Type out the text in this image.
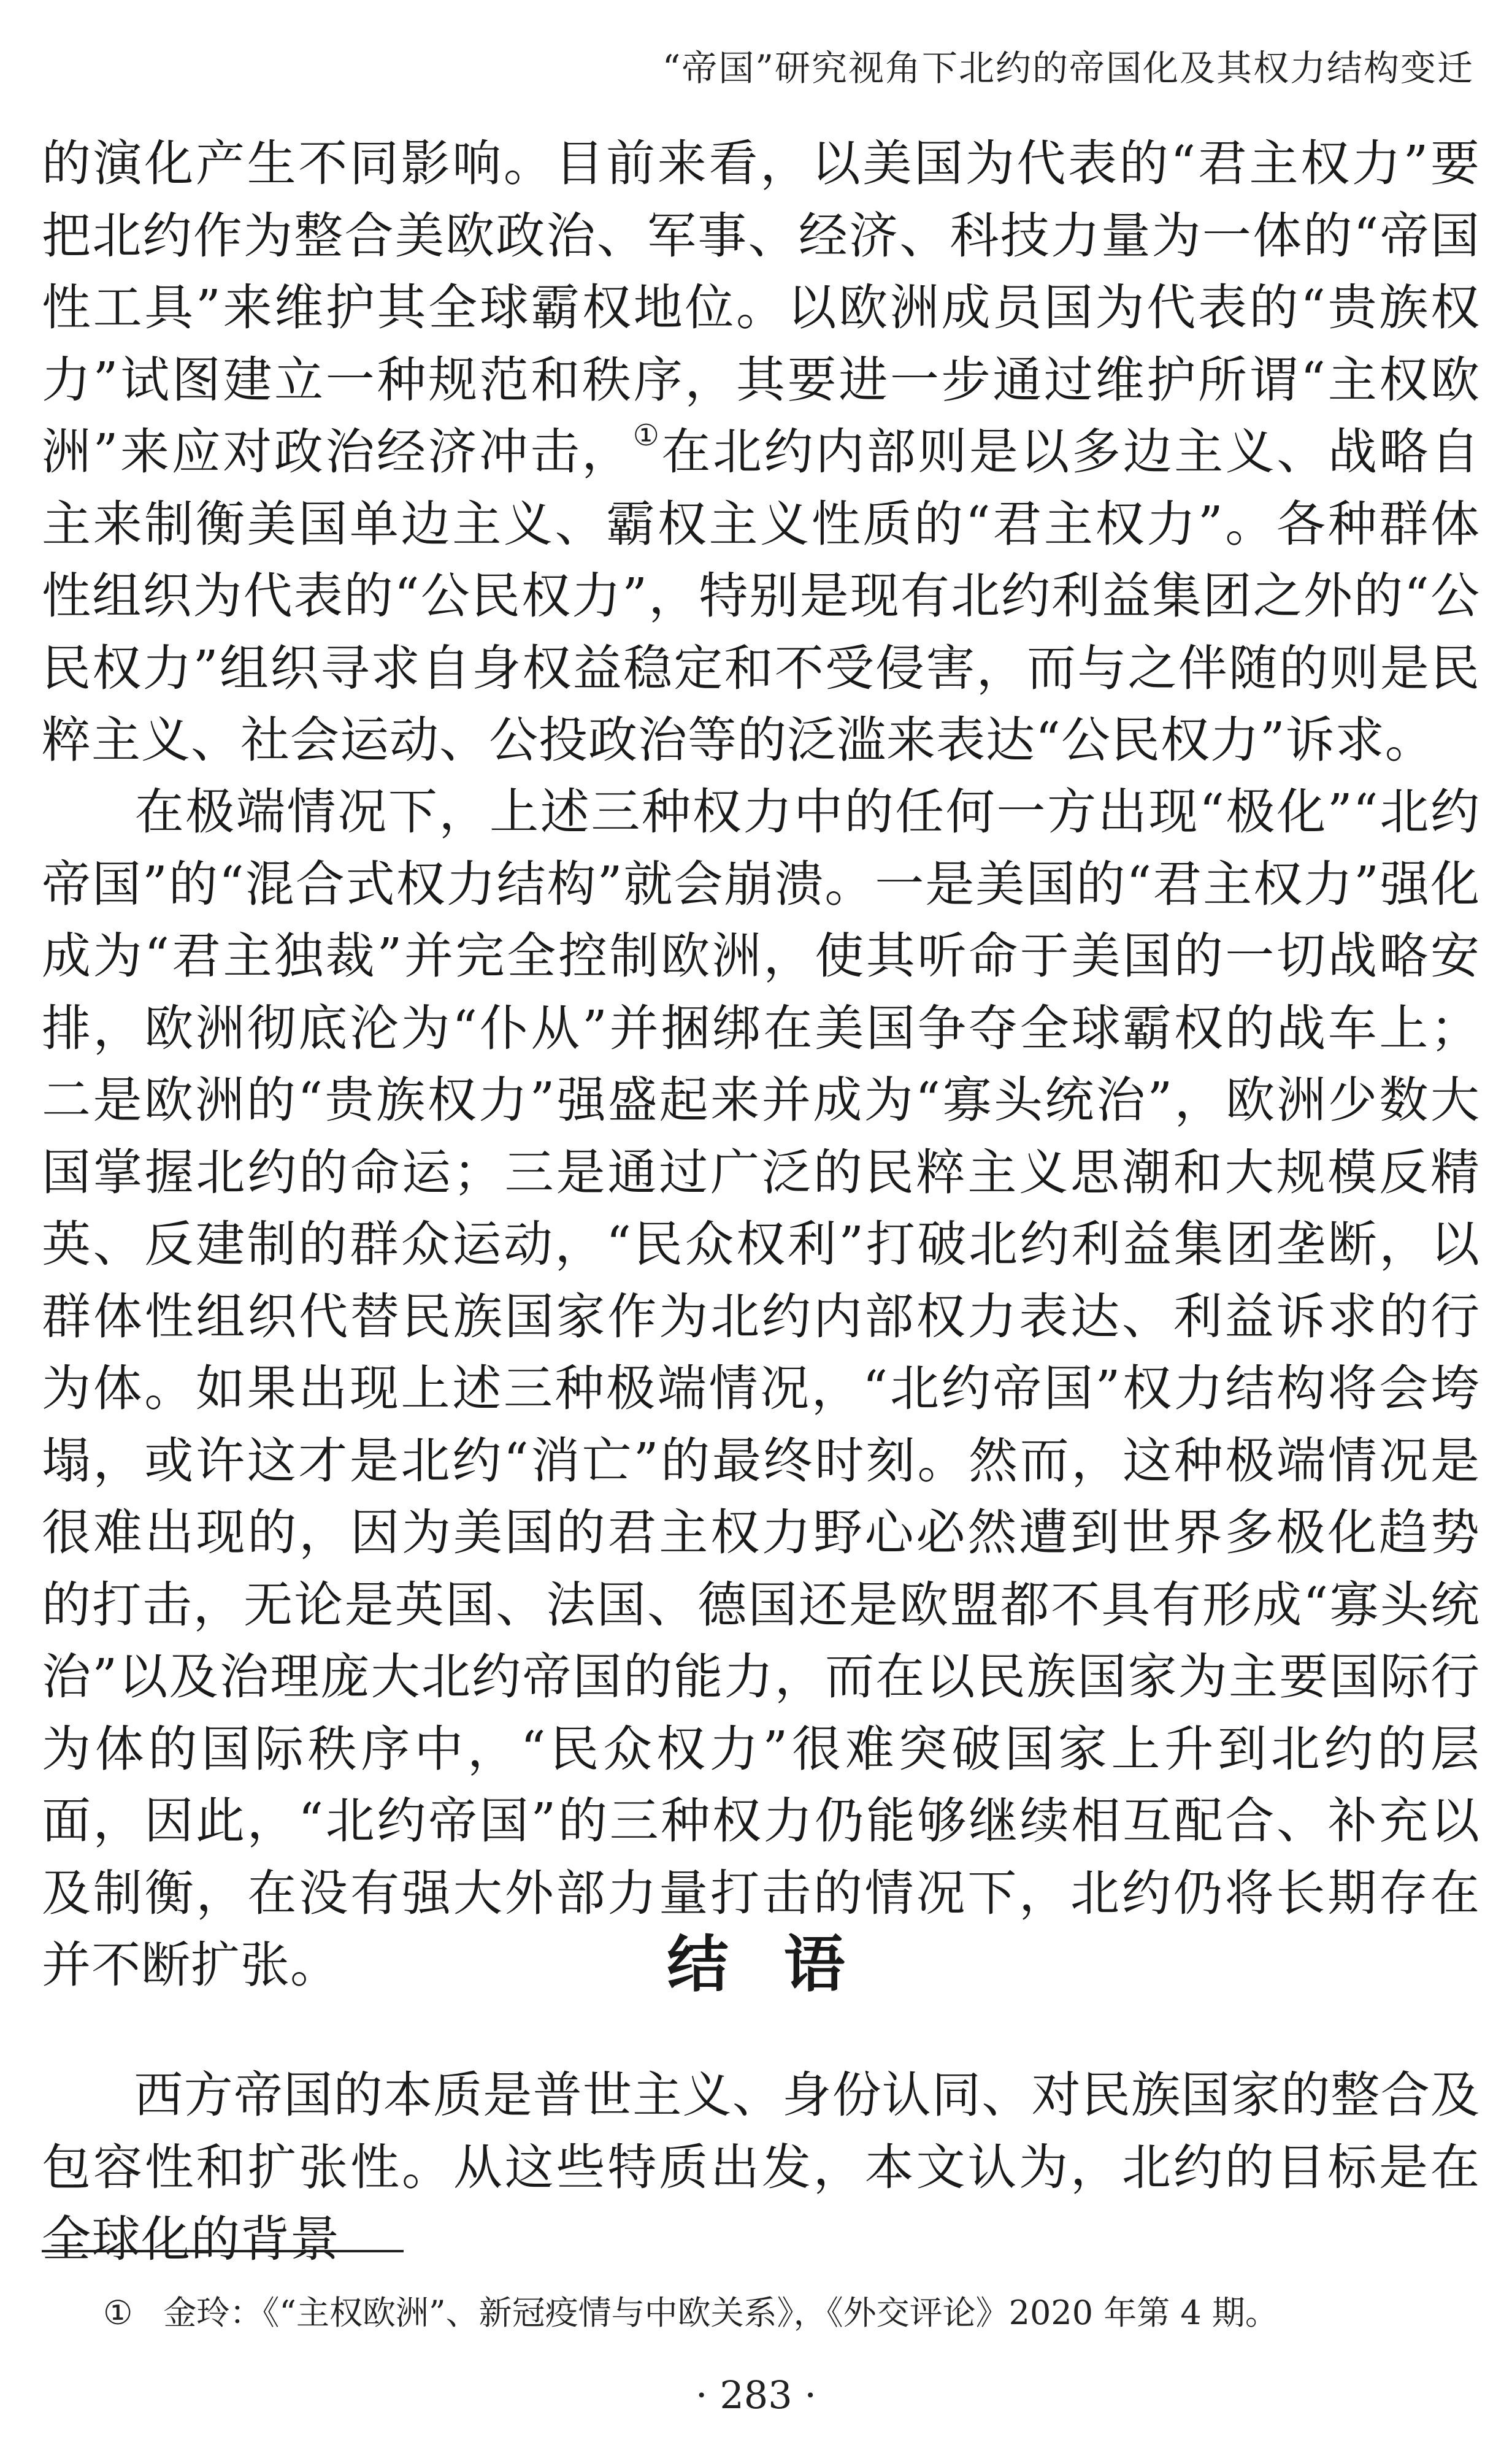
“帝国”研究视角下北约的帝国化及其权力结构变迁
的演化产生不同影响。目前来看，以美国为代表的“君主权力”要把北约作为整合美欧政治、军事、经济、科技力量为一体的“帝国性工具”来维护其全球霸权地位。以欧洲成员国为代表的“贵族权力”试图建立一种规范和秩序，其要进一步通过维护所谓“主权欧洲”来应对政治经济冲击，①在北约内部则是以多边主义、战略自主来制衡美国单边主义、霸权主义性质的“君主权力”。各种群体性组织为代表的“公民权力”，特别是现有北约利益集团之外的“公民权力”组织寻求自身权益稳定和不受侵害，而与之伴随的则是民粹主义、社会运动、公投政治等的泛滥来表达“公民权力”诉求。
在极端情况下，上述三种权力中的任何一方出现“极化”“北约帝国”的“混合式权力结构”就会崩溃。一是美国的“君主权力”强化成为“君主独裁”并完全控制欧洲，使其听命于美国的一切战略安排，欧洲彻底沦为“仆从”并捆绑在美国争夺全球霸权的战车上；二是欧洲的“贵族权力”强盛起来并成为“寡头统治”，欧洲少数大国掌握北约的命运；三是通过广泛的民粹主义思潮和大规模反精英、反建制的群众运动，“民众权利”打破北约利益集团垄断，以群体性组织代替民族国家作为北约内部权力表达、利益诉求的行为体。如果出现上述三种极端情况，“北约帝国”权力结构将会垮塌，或许这才是北约“消亡”的最终时刻。然而，这种极端情况是很难出现的，因为美国的君主权力野心必然遭到世界多极化趋势的打击，无论是英国、法国、德国还是欧盟都不具有形成“寡头统治”以及治理庞大北约帝国的能力，而在以民族国家为主要国际行为体的国际秩序中，“民众权力”很难突破国家上升到北约的层面，因此，“北约帝国”的三种权力仍能够继续相互配合、补充以及制衡，在没有强大外部力量打击的情况下，北约仍将长期存在并不断扩张。	结语
西方帝国的本质是普世主义、身份认同、对民族国家的整合及包容性和扩张性。从这些特质出发，本文认为，北约的目标是在全球化的背景
① 金玲：《“主权欧洲”、新冠疫情与中欧关系》，《外交评论》2020 年第 4 期。
· 283 ·
